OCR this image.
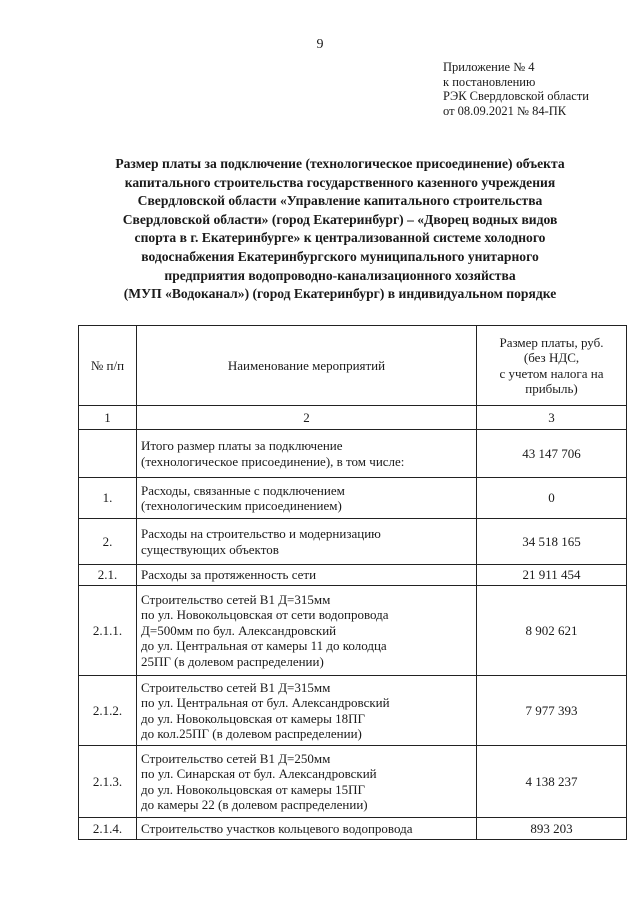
9
Приложение № 4
к постановлению
РЭК Свердловской области
от 08.09.2021 № 84-ПК
Размер платы за подключение (технологическое присоединение) объекта
капитального строительства государственного казенного учреждения
Свердловской области «Управление капитального строительства
Свердловской области» (город Екатеринбург) – «Дворец водных видов
спорта в г. Екатеринбурге» к централизованной системе холодного
водоснабжения Екатеринбургского муниципального унитарного
предприятия водопроводно-канализационного хозяйства
(МУП «Водоканал») (город Екатеринбург) в индивидуальном порядке
№ п/п	Наименование мероприятий	Размер платы, руб.
(без НДС,
с учетом налога на
прибыль)

1	2	3

	Итого размер платы за подключение
(технологическое присоединение), в том числе:	43 147 706
1.	Расходы, связанные с подключением
(технологическим присоединением)	0
2.	Расходы на строительство и модернизацию
существующих объектов	34 518 165
2.1.	Расходы за протяженность сети	21 911 454
2.1.1.	Строительство сетей В1 Д=315мм
по ул. Новокольцовская от сети водопровода
Д=500мм по бул. Александровский
до ул. Центральная от камеры 11 до колодца
25ПГ (в долевом распределении)	8 902 621
2.1.2.	Строительство сетей В1 Д=315мм
по ул. Центральная от бул. Александровский
до ул. Новокольцовская от камеры 18ПГ
до кол.25ПГ (в долевом распределении)	7 977 393
2.1.3.	Строительство сетей В1 Д=250мм
по ул. Синарская от бул. Александровский
до ул. Новокольцовская от камеры 15ПГ
до камеры 22 (в долевом распределении)	4 138 237
2.1.4.	Строительство участков кольцевого водопровода	893 203
